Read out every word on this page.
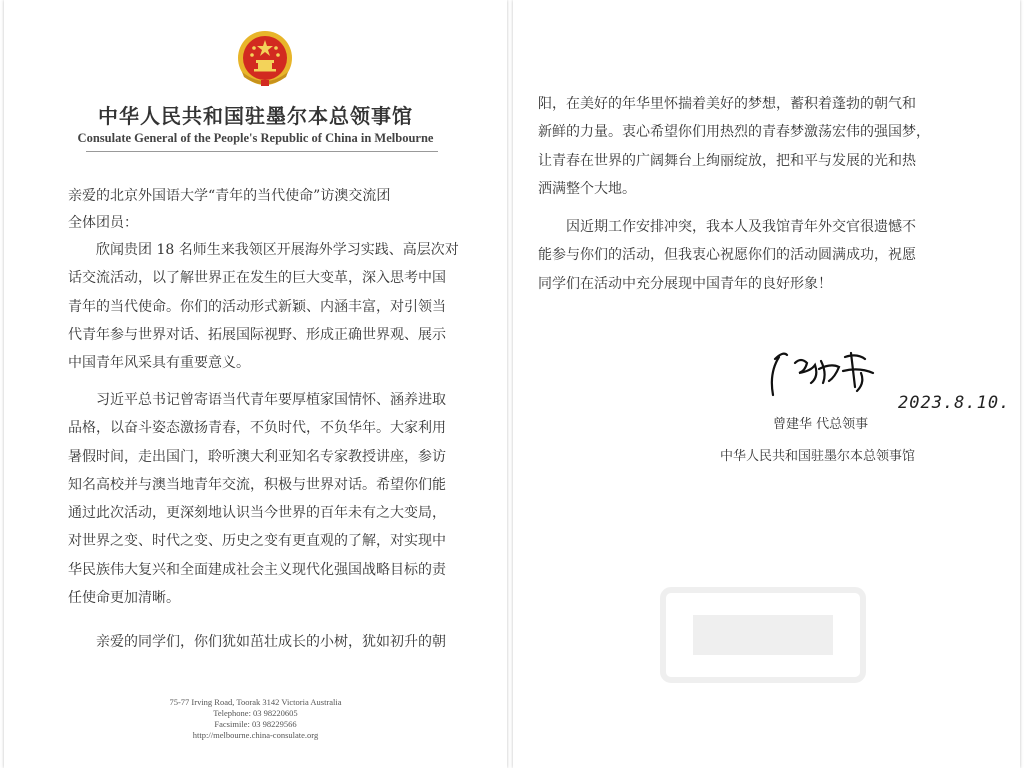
中华人民共和国驻墨尔本总领事馆
Consulate General of the People's Republic of China in Melbourne
亲爱的北京外国语大学“青年的当代使命”访澳交流团
全体团员：
欣闻贵团 18 名师生来我领区开展海外学习实践、高层次对
话交流活动，以了解世界正在发生的巨大变革，深入思考中国
青年的当代使命。你们的活动形式新颖、内涵丰富，对引领当
代青年参与世界对话、拓展国际视野、形成正确世界观、展示
中国青年风采具有重要意义。
习近平总书记曾寄语当代青年要厚植家国情怀、涵养进取
品格，以奋斗姿态激扬青春，不负时代，不负华年。大家利用
暑假时间，走出国门，聆听澳大利亚知名专家教授讲座，参访
知名高校并与澳当地青年交流，积极与世界对话。希望你们能
通过此次活动，更深刻地认识当今世界的百年未有之大变局，
对世界之变、时代之变、历史之变有更直观的了解，对实现中
华民族伟大复兴和全面建成社会主义现代化强国战略目标的责
任使命更加清晰。
亲爱的同学们，你们犹如茁壮成长的小树，犹如初升的朝
75-77 Irving Road, Toorak 3142 Victoria Australia
Telephone: 03 98220605
Facsimile: 03 98229566
http://melbourne.china-consulate.org
阳，在美好的年华里怀揣着美好的梦想，蓄积着蓬勃的朝气和
新鲜的力量。衷心希望你们用热烈的青春梦激荡宏伟的强国梦，
让青春在世界的广阔舞台上绚丽绽放，把和平与发展的光和热
洒满整个大地。
因近期工作安排冲突，我本人及我馆青年外交官很遗憾不
能参与你们的活动，但我衷心祝愿你们的活动圆满成功，祝愿
同学们在活动中充分展现中国青年的良好形象！
2023.8.10.
曾建华 代总领事
中华人民共和国驻墨尔本总领事馆
